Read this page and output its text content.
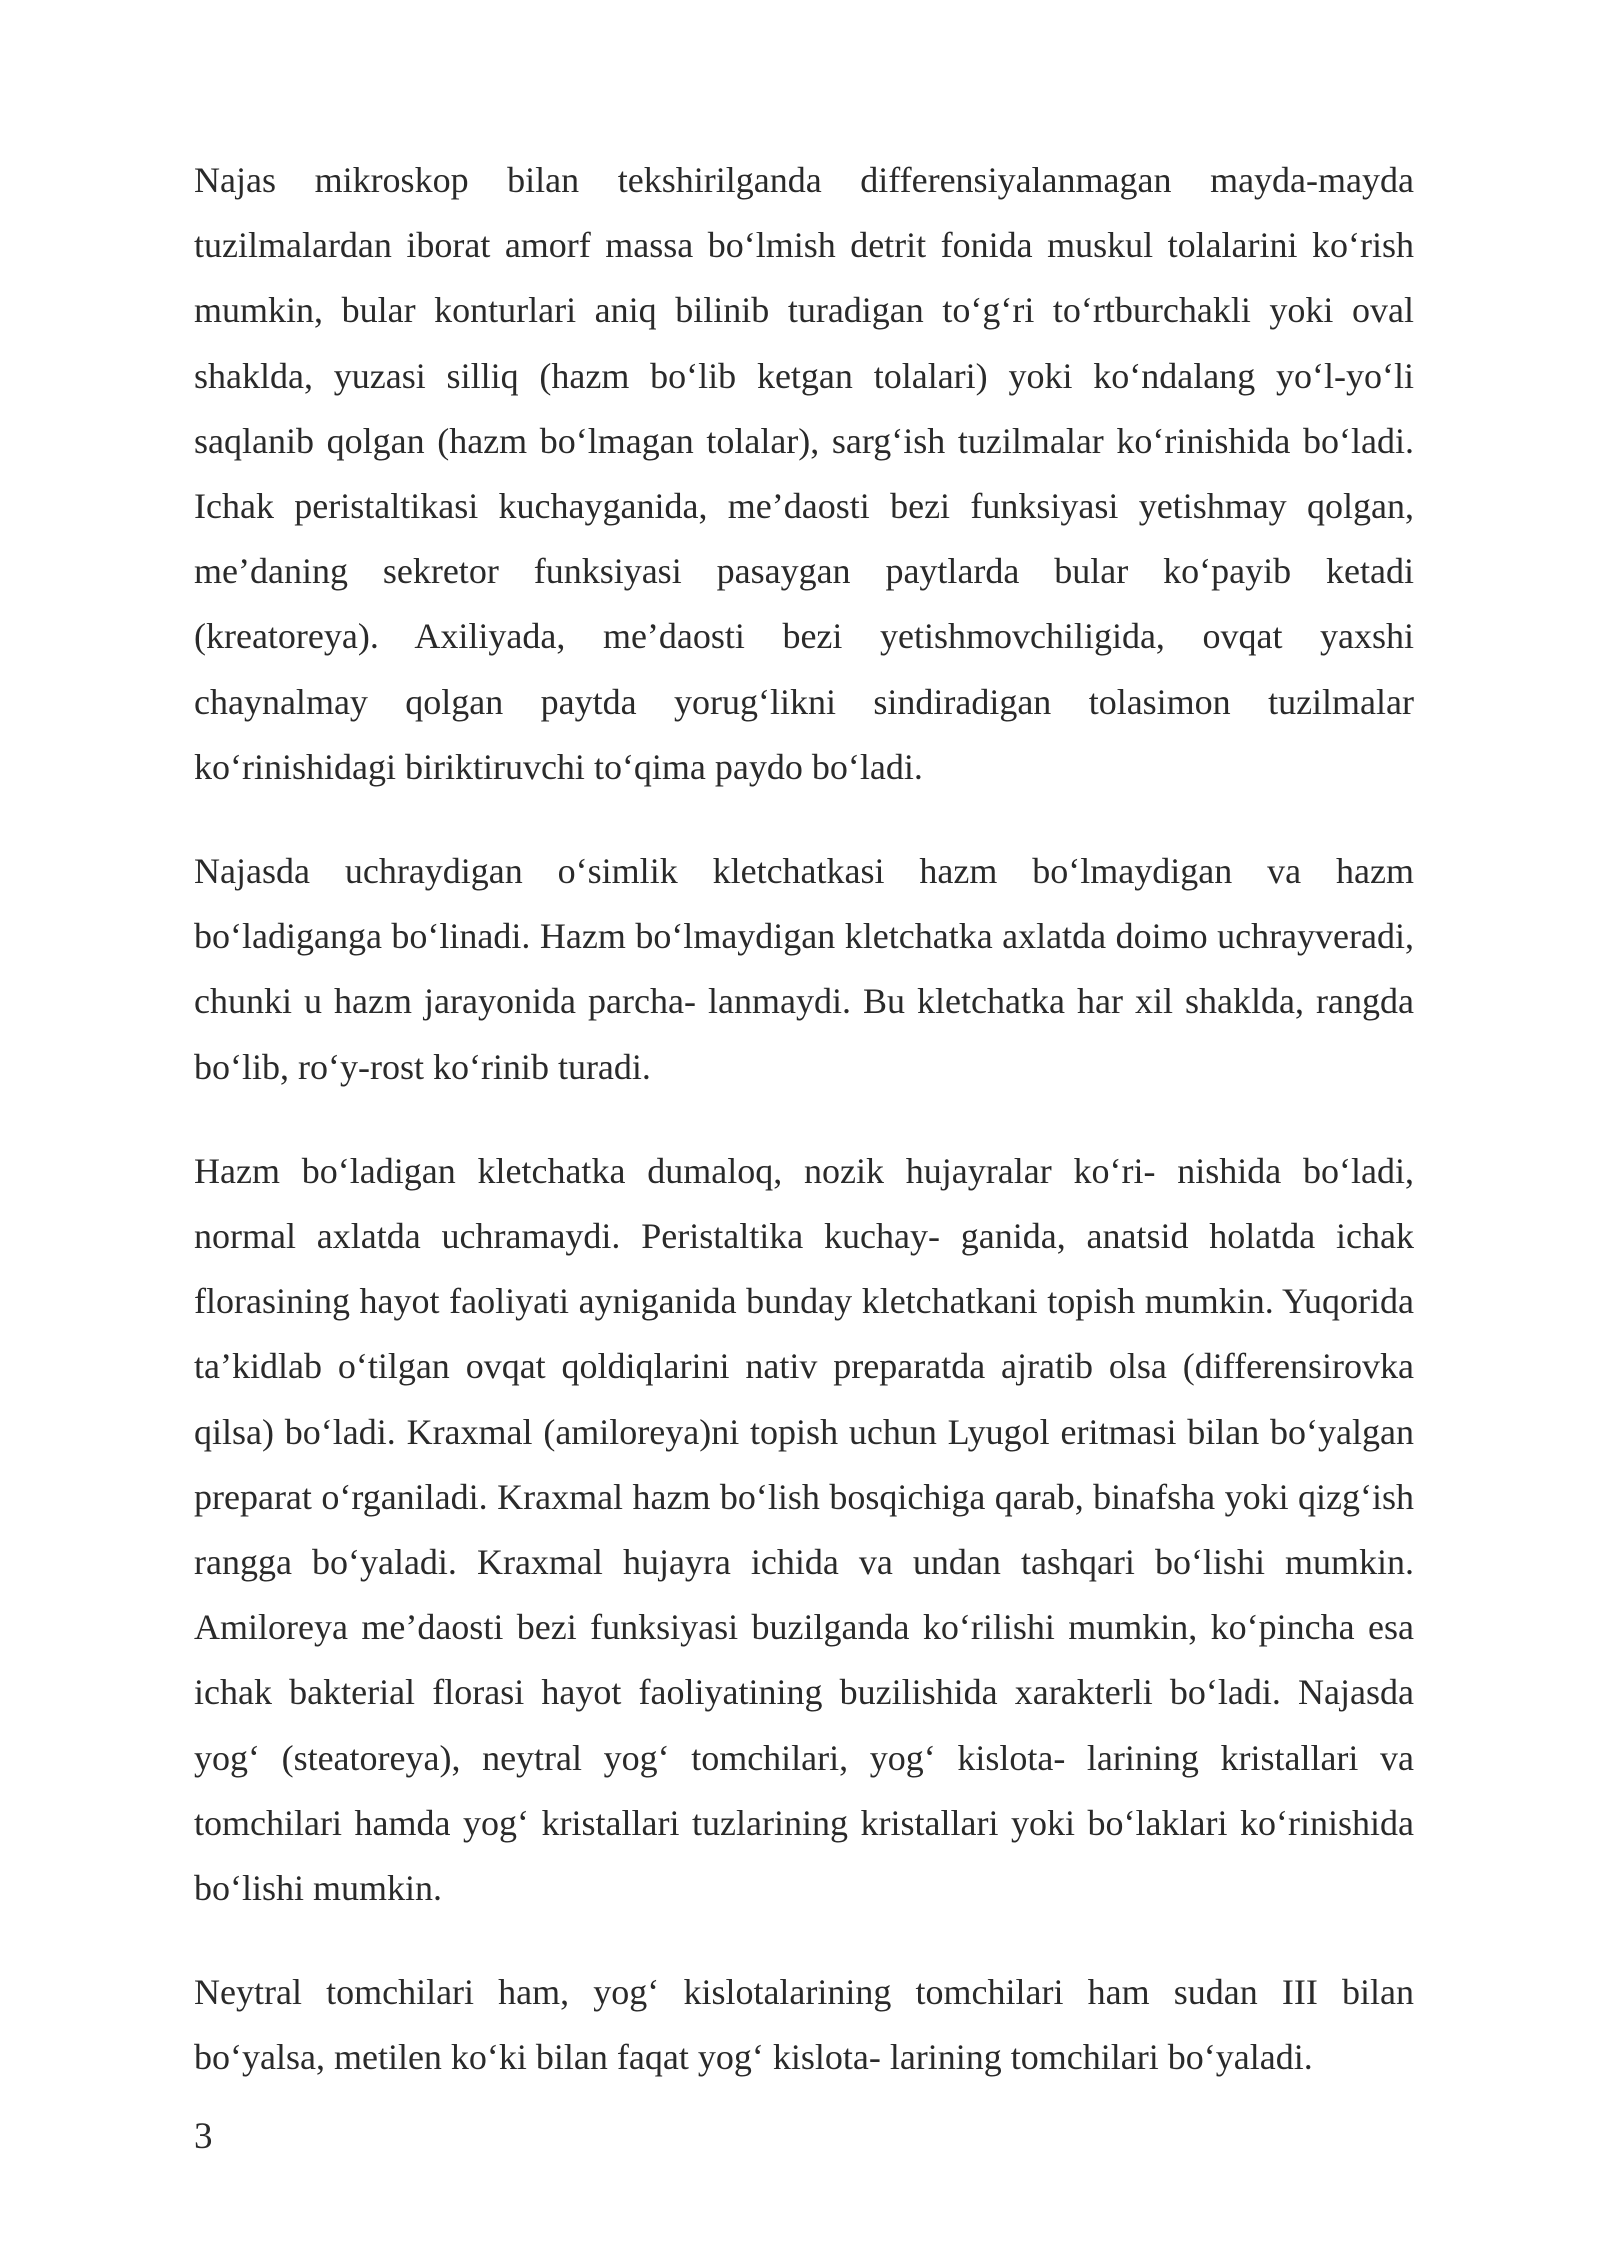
Najas mikroskop bilan tekshirilganda differensiyalanmagan mayda-mayda tuzilmalardan iborat amorf massa bo‘lmish detrit fonida muskul tolalarini ko‘rish mumkin, bular konturlari aniq bilinib turadigan to‘g‘ri to‘rtburchakli yoki oval shaklda, yuzasi silliq (hazm bo‘lib ketgan tolalari) yoki ko‘ndalang yo‘l-yo‘li saqlanib qolgan (hazm bo‘lmagan tolalar), sarg‘ish tuzilmalar ko‘rinishida bo‘ladi. Ichak peristaltikasi kuchayganida, me’daosti bezi funksiyasi yetishmay qolgan, me’daning sekretor funksiyasi pasaygan paytlarda bular ko‘payib ketadi (kreatoreya). Axiliyada, me’daosti bezi yetishmovchiligida, ovqat yaxshi chaynalmay qolgan paytda yorug‘likni sindiradigan tolasimon tuzilmalar ko‘rinishidagi biriktiruvchi to‘qima paydo bo‘ladi.

Najasda uchraydigan o‘simlik kletchatkasi hazm bo‘lmaydigan va hazm bo‘ladiganga bo‘linadi. Hazm bo‘lmaydigan kletchatka axlatda doimo uchrayveradi, chunki u hazm jarayonida parcha- lanmaydi. Bu kletchatka har xil shaklda, rangda bo‘lib, ro‘y-rost ko‘rinib turadi.

Hazm bo‘ladigan kletchatka dumaloq, nozik hujayralar ko‘ri- nishida bo‘ladi, normal axlatda uchramaydi. Peristaltika kuchay- ganida, anatsid holatda ichak florasining hayot faoliyati ayniganida bunday kletchatkani topish mumkin. Yuqorida ta’kidlab o‘tilgan ovqat qoldiqlarini nativ preparatda ajratib olsa (differensirovka qilsa) bo‘ladi. Kraxmal (amiloreya)ni topish uchun Lyugol eritmasi bilan bo‘yalgan preparat o‘rganiladi. Kraxmal hazm bo‘lish bosqichiga qarab, binafsha yoki qizg‘ish rangga bo‘yaladi. Kraxmal hujayra ichida va undan tashqari bo‘lishi mumkin. Amiloreya me’daosti bezi funksiyasi buzilganda ko‘rilishi mumkin, ko‘pincha esa ichak bakterial florasi hayot faoliyatining buzilishida xarakterli bo‘ladi. Najasda yog‘ (steatoreya), neytral yog‘ tomchilari, yog‘ kislota- larining kristallari va tomchilari hamda yog‘ kristallari tuzlarining kristallari yoki bo‘laklari ko‘rinishida bo‘lishi mumkin.

Neytral tomchilari ham, yog‘ kislotalarining tomchilari ham sudan III bilan bo‘yalsa, metilen ko‘ki bilan faqat yog‘ kislota- larining tomchilari bo‘yaladi.

3
